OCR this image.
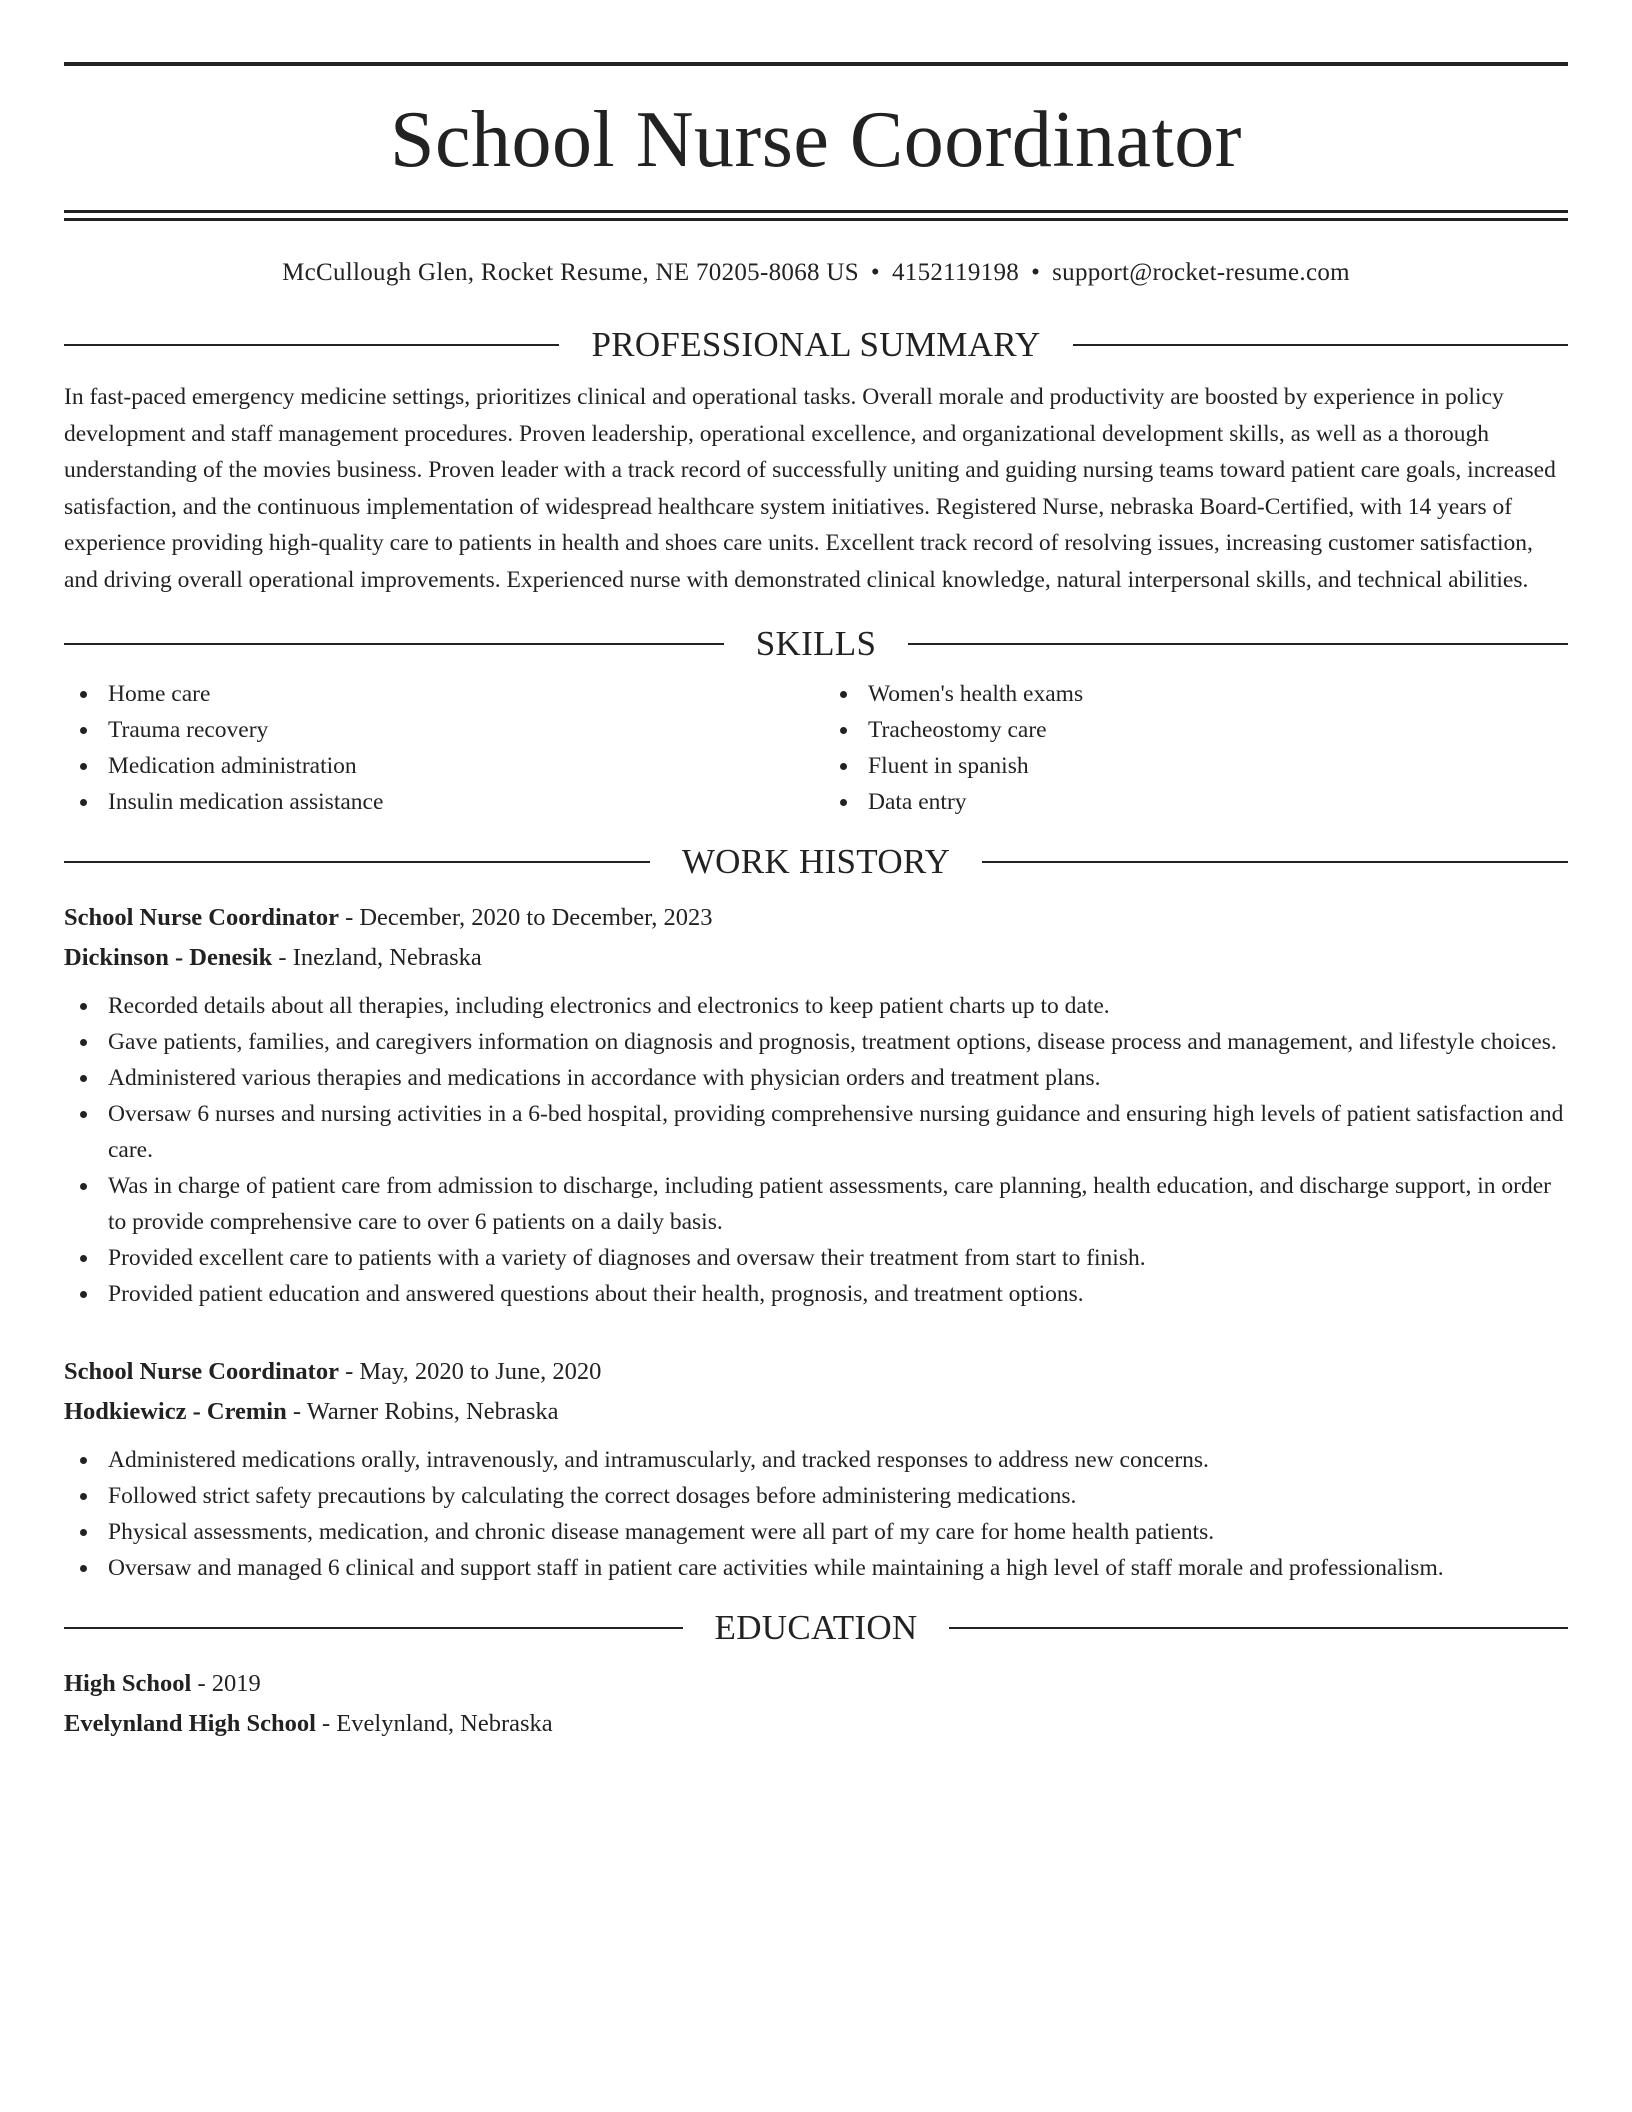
School Nurse Coordinator
McCullough Glen, Rocket Resume, NE 70205-8068 US • 4152119198 • support@rocket-resume.com
PROFESSIONAL SUMMARY

In fast-paced emergency medicine settings, prioritizes clinical and operational tasks. Overall morale and productivity are boosted by experience in policy development and staff management procedures. Proven leadership, operational excellence, and organizational development skills, as well as a thorough understanding of the movies business. Proven leader with a track record of successfully uniting and guiding nursing teams toward patient care goals, increased satisfaction, and the continuous implementation of widespread healthcare system initiatives. Registered Nurse, nebraska Board-Certified, with 14 years of experience providing high-quality care to patients in health and shoes care units. Excellent track record of resolving issues, increasing customer satisfaction, and driving overall operational improvements. Experienced nurse with demonstrated clinical knowledge, natural interpersonal skills, and technical abilities.

SKILLS
Home care
Trauma recovery
Medication administration
Insulin medication assistance
Women's health exams
Tracheostomy care
Fluent in spanish
Data entry
WORK HISTORY
School Nurse Coordinator - December, 2020 to December, 2023
Dickinson - Denesik - Inezland, Nebraska
Recorded details about all therapies, including electronics and electronics to keep patient charts up to date.
Gave patients, families, and caregivers information on diagnosis and prognosis, treatment options, disease process and management, and lifestyle choices.
Administered various therapies and medications in accordance with physician orders and treatment plans.
Oversaw 6 nurses and nursing activities in a 6-bed hospital, providing comprehensive nursing guidance and ensuring high levels of patient satisfaction and care.
Was in charge of patient care from admission to discharge, including patient assessments, care planning, health education, and discharge support, in order to provide comprehensive care to over 6 patients on a daily basis.
Provided excellent care to patients with a variety of diagnoses and oversaw their treatment from start to finish.
Provided patient education and answered questions about their health, prognosis, and treatment options.
School Nurse Coordinator - May, 2020 to June, 2020
Hodkiewicz - Cremin - Warner Robins, Nebraska
Administered medications orally, intravenously, and intramuscularly, and tracked responses to address new concerns.
Followed strict safety precautions by calculating the correct dosages before administering medications.
Physical assessments, medication, and chronic disease management were all part of my care for home health patients.
Oversaw and managed 6 clinical and support staff in patient care activities while maintaining a high level of staff morale and professionalism.
EDUCATION
High School - 2019
Evelynland High School - Evelynland, Nebraska
